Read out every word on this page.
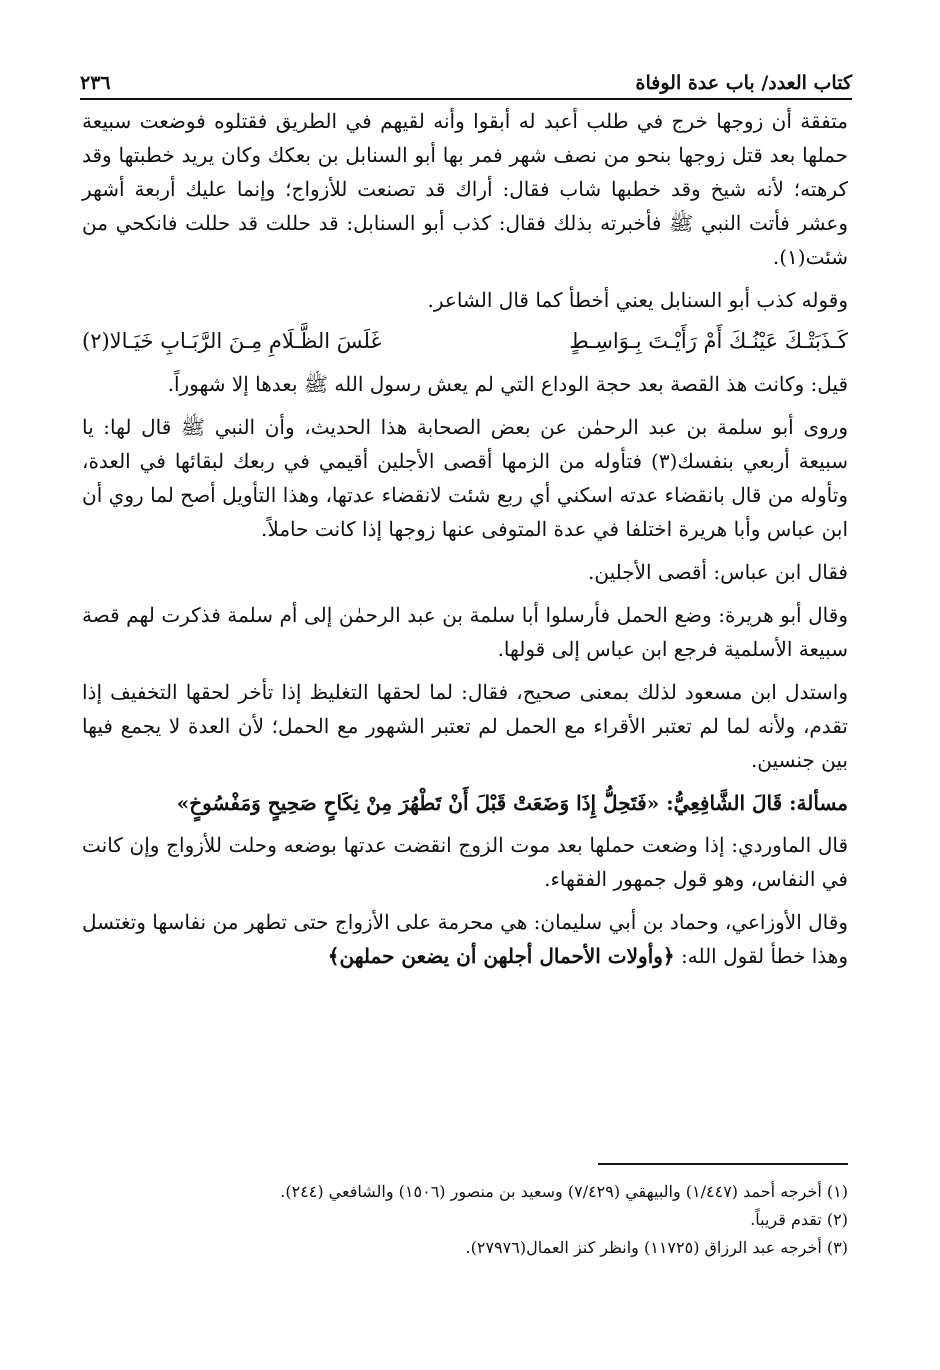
كتاب العدد/ باب عدة الوفاة
٢٣٦

متفقة أن زوجها خرج في طلب أعبد له أبقوا وأنه لقيهم في الطريق فقتلوه فوضعت سبيعة حملها بعد قتل زوجها بنحو من نصف شهر فمر بها أبو السنابل بن بعكك وكان يريد خطبتها وقد كرهته؛ لأنه شيخ وقد خطبها شاب فقال: أراك قد تصنعت للأزواج؛ وإنما عليك أربعة أشهر وعشر فأتت النبي ﷺ فأخبرته بذلك فقال: كذب أبو السنابل: قد حللت قد حللت فانكحي من شئت(١).

وقوله كذب أبو السنابل يعني أخطأ كما قال الشاعر.

كَـذَبَتْـكَ عَيْنُـكَ أَمْ رَأَيْـتَ بِـوَاسِـطٍ
غَلَسَ الظَّـلَامِ مِـنَ الرَّبَـابِ خَيَـالا(٢)

قيل: وكانت هذ القصة بعد حجة الوداع التي لم يعش رسول الله ﷺ بعدها إلا شهوراً.

وروى أبو سلمة بن عبد الرحمٰن عن بعض الصحابة هذا الحديث، وأن النبي ﷺ قال لها: يا سبيعة أربعي بنفسك(٣) فتأوله من الزمها أقصى الأجلين أقيمي في ربعك لبقائها في العدة، وتأوله من قال بانقضاء عدته اسكني أي ربع شئت لانقضاء عدتها، وهذا التأويل أصح لما روي أن ابن عباس وأبا هريرة اختلفا في عدة المتوفى عنها زوجها إذا كانت حاملاً.

فقال ابن عباس: أقصى الأجلين.

وقال أبو هريرة: وضع الحمل فأرسلوا أبا سلمة بن عبد الرحمٰن إلى أم سلمة فذكرت لهم قصة سبيعة الأسلمية فرجع ابن عباس إلى قولها.

واستدل ابن مسعود لذلك بمعنى صحيح، فقال: لما لحقها التغليظ إذا تأخر لحقها التخفيف إذا تقدم، ولأنه لما لم تعتبر الأقراء مع الحمل لم تعتبر الشهور مع الحمل؛ لأن العدة لا يجمع فيها بين جنسين.

مسألة: قَالَ الشَّافِعِيُّ: «فَتَحِلُّ إِذَا وَضَعَتْ قَبْلَ أَنْ تَطْهُرَ مِنْ نِكَاحٍ صَحِيحٍ وَمَفْسُوخٍ»

قال الماوردي: إذا وضعت حملها بعد موت الزوج انقضت عدتها بوضعه وحلت للأزواج وإن كانت في النفاس، وهو قول جمهور الفقهاء.

وقال الأوزاعي، وحماد بن أبي سليمان: هي محرمة على الأزواج حتى تطهر من نفاسها وتغتسل وهذا خطأ لقول الله: ﴿وأولات الأحمال أجلهن أن يضعن حملهن﴾

(١) أخرجه أحمد (١/٤٤٧) والبيهقي (٧/٤٢٩) وسعيد بن منصور (١٥٠٦) والشافعي (٢٤٤).

(٢) تقدم قريباً.

(٣) أخرجه عبد الرزاق (١١٧٢٥) وانظر كنز العمال(٢٧٩٧٦).
